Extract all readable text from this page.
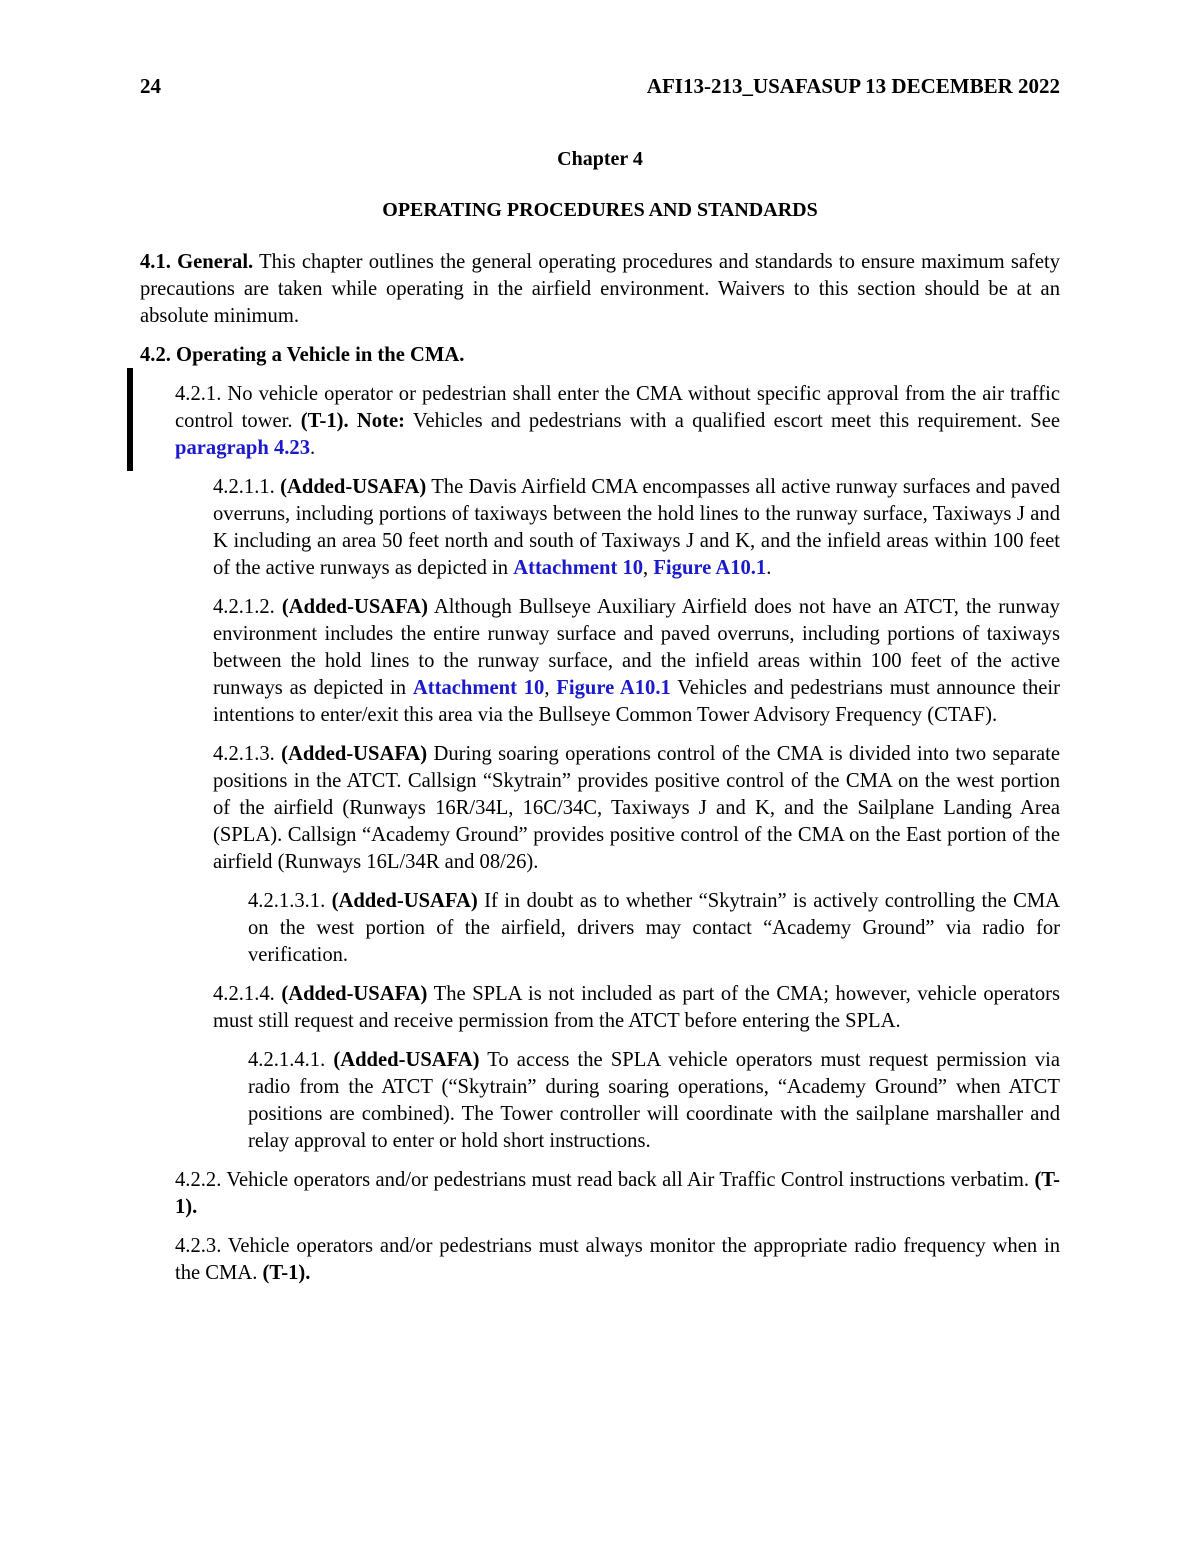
24	AFI13-213_USAFASUP 13 DECEMBER 2022
Chapter 4
OPERATING PROCEDURES AND STANDARDS

4.1. General. This chapter outlines the general operating procedures and standards to ensure maximum safety precautions are taken while operating in the airfield environment. Waivers to this section should be at an absolute minimum.

4.2. Operating a Vehicle in the CMA.

4.2.1. No vehicle operator or pedestrian shall enter the CMA without specific approval from the air traffic control tower. (T-1). Note: Vehicles and pedestrians with a qualified escort meet this requirement. See paragraph 4.23.

4.2.1.1. (Added-USAFA) The Davis Airfield CMA encompasses all active runway surfaces and paved overruns, including portions of taxiways between the hold lines to the runway surface, Taxiways J and K including an area 50 feet north and south of Taxiways J and K, and the infield areas within 100 feet of the active runways as depicted in Attachment 10, Figure A10.1.

4.2.1.2. (Added-USAFA) Although Bullseye Auxiliary Airfield does not have an ATCT, the runway environment includes the entire runway surface and paved overruns, including portions of taxiways between the hold lines to the runway surface, and the infield areas within 100 feet of the active runways as depicted in Attachment 10, Figure A10.1 Vehicles and pedestrians must announce their intentions to enter/exit this area via the Bullseye Common Tower Advisory Frequency (CTAF).

4.2.1.3. (Added-USAFA) During soaring operations control of the CMA is divided into two separate positions in the ATCT. Callsign “Skytrain” provides positive control of the CMA on the west portion of the airfield (Runways 16R/34L, 16C/34C, Taxiways J and K, and the Sailplane Landing Area (SPLA). Callsign “Academy Ground” provides positive control of the CMA on the East portion of the airfield (Runways 16L/34R and 08/26).

4.2.1.3.1. (Added-USAFA) If in doubt as to whether “Skytrain” is actively controlling the CMA on the west portion of the airfield, drivers may contact “Academy Ground” via radio for verification.

4.2.1.4. (Added-USAFA) The SPLA is not included as part of the CMA; however, vehicle operators must still request and receive permission from the ATCT before entering the SPLA.

4.2.1.4.1. (Added-USAFA) To access the SPLA vehicle operators must request permission via radio from the ATCT (“Skytrain” during soaring operations, “Academy Ground” when ATCT positions are combined). The Tower controller will coordinate with the sailplane marshaller and relay approval to enter or hold short instructions.

4.2.2. Vehicle operators and/or pedestrians must read back all Air Traffic Control instructions verbatim. (T-1).

4.2.3. Vehicle operators and/or pedestrians must always monitor the appropriate radio frequency when in the CMA. (T-1).
